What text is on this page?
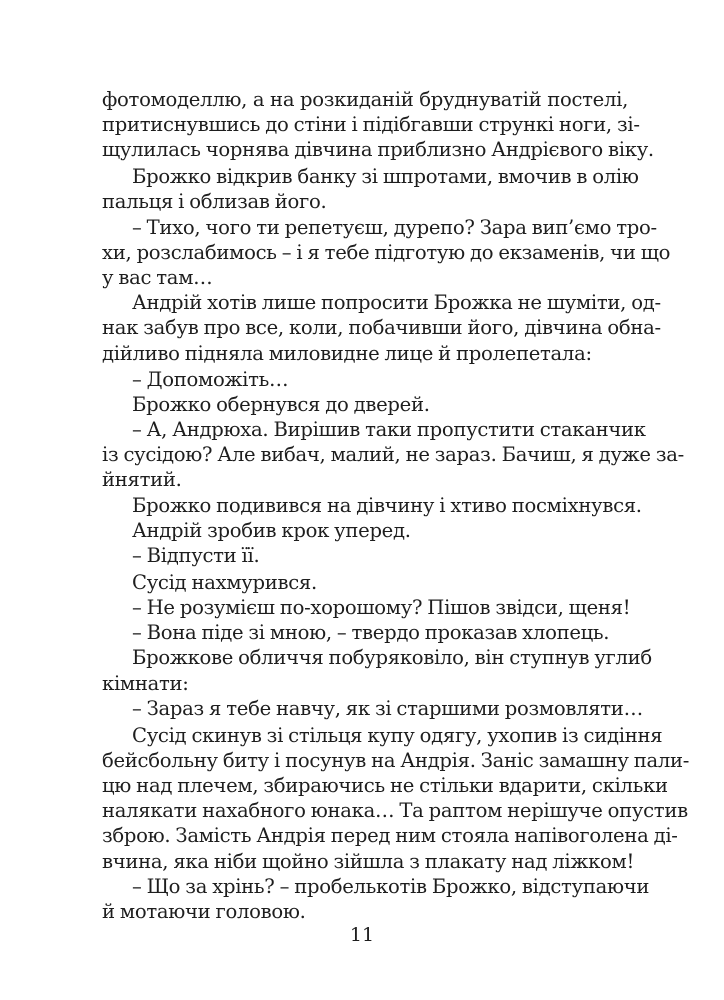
фотомоделлю, а на розкиданій бруднуватій постелі,
притиснувшись до стіни і підібгавши стрункі ноги, зі-
щулилась чорнява дівчина приблизно Андрієвого віку.
Брожко відкрив банку зі шпротами, вмочив в олію
пальця і облизав його.
– Тихо, чого ти репетуєш, дурепо? Зара вип’ємо тро-
хи, розслабимось – і я тебе підготую до екзаменів, чи що
у вас там…
Андрій хотів лише попросити Брожка не шуміти, од-
нак забув про все, коли, побачивши його, дівчина обна-
дійливо підняла миловидне лице й пролепетала:
– Допоможіть…
Брожко обернувся до дверей.
– А, Андрюха. Вирішив таки пропустити стаканчик
із сусідою? Але вибач, малий, не зараз. Бачиш, я дуже за-
йнятий.
Брожко подивився на дівчину і хтиво посміхнувся.
Андрій зробив крок уперед.
– Відпусти її.
Сусід нахмурився.
– Не розумієш по-хорошому? Пішов звідси, щеня!
– Вона піде зі мною, – твердо проказав хлопець.
Брожкове обличчя побуряковіло, він ступнув углиб
кімнати:
– Зараз я тебе навчу, як зі старшими розмовляти…
Сусід скинув зі стільця купу одягу, ухопив із сидіння
бейсбольну биту і посунув на Андрія. Заніс замашну пали-
цю над плечем, збираючись не стільки вдарити, скільки
налякати нахабного юнака… Та раптом нерішуче опустив
зброю. Замість Андрія перед ним стояла напівоголена ді-
вчина, яка ніби щойно зійшла з плакату над ліжком!
– Що за хрінь? – пробелькотів Брожко, відступаючи
й мотаючи головою.
11
